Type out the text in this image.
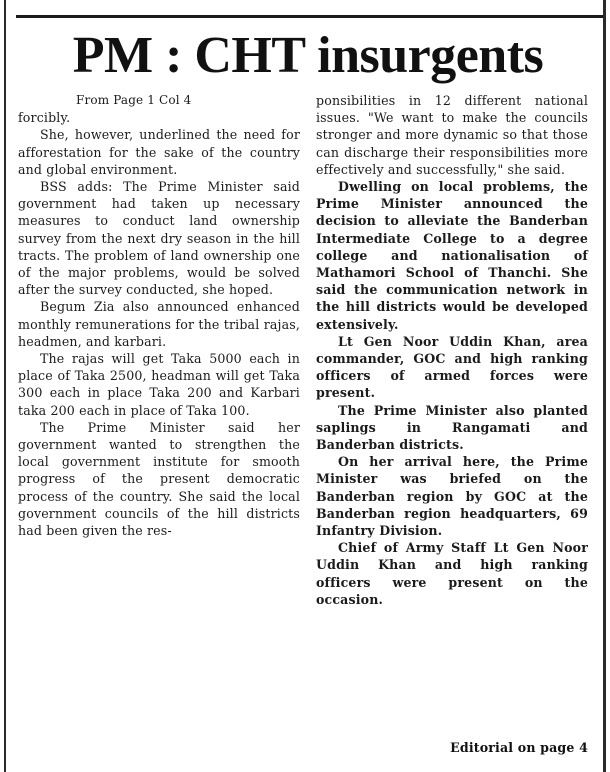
PM : CHT insurgents

From Page 1 Col 4

forcibly.

She, however, underlined the need for afforestation for the sake of the country and global environment.

BSS adds: The Prime Minister said government had taken up necessary measures to conduct land ownership survey from the next dry season in the hill tracts. The problem of land ownership one of the major problems, would be solved after the survey conducted, she hoped.

Begum Zia also announced enhanced monthly remunerations for the tribal rajas, headmen, and karbari.

The rajas will get Taka 5000 each in place of Taka 2500, headman will get Taka 300 each in place Taka 200 and Karbari taka 200 each in place of Taka 100.

The Prime Minister said her government wanted to strengthen the local government institute for smooth progress of the present democratic process of the country. She said the local government councils of the hill districts had been given the res-

ponsibilities in 12 different national issues. "We want to make the councils stronger and more dynamic so that those can discharge their responsibilities more effectively and successfully," she said.

Dwelling on local problems, the Prime Minister announced the decision to alleviate the Banderban Intermediate College to a degree college and nationalisation of Mathamori School of Thanchi. She said the communication network in the hill districts would be developed extensively.

Lt Gen Noor Uddin Khan, area commander, GOC and high ranking officers of armed forces were present.

The Prime Minister also planted saplings in Rangamati and Banderban districts.

On her arrival here, the Prime Minister was briefed on the Banderban region by GOC at the Banderban region headquarters, 69 Infantry Division.

Chief of Army Staff Lt Gen Noor Uddin Khan and high ranking officers were present on the occasion.

Editorial on page 4
